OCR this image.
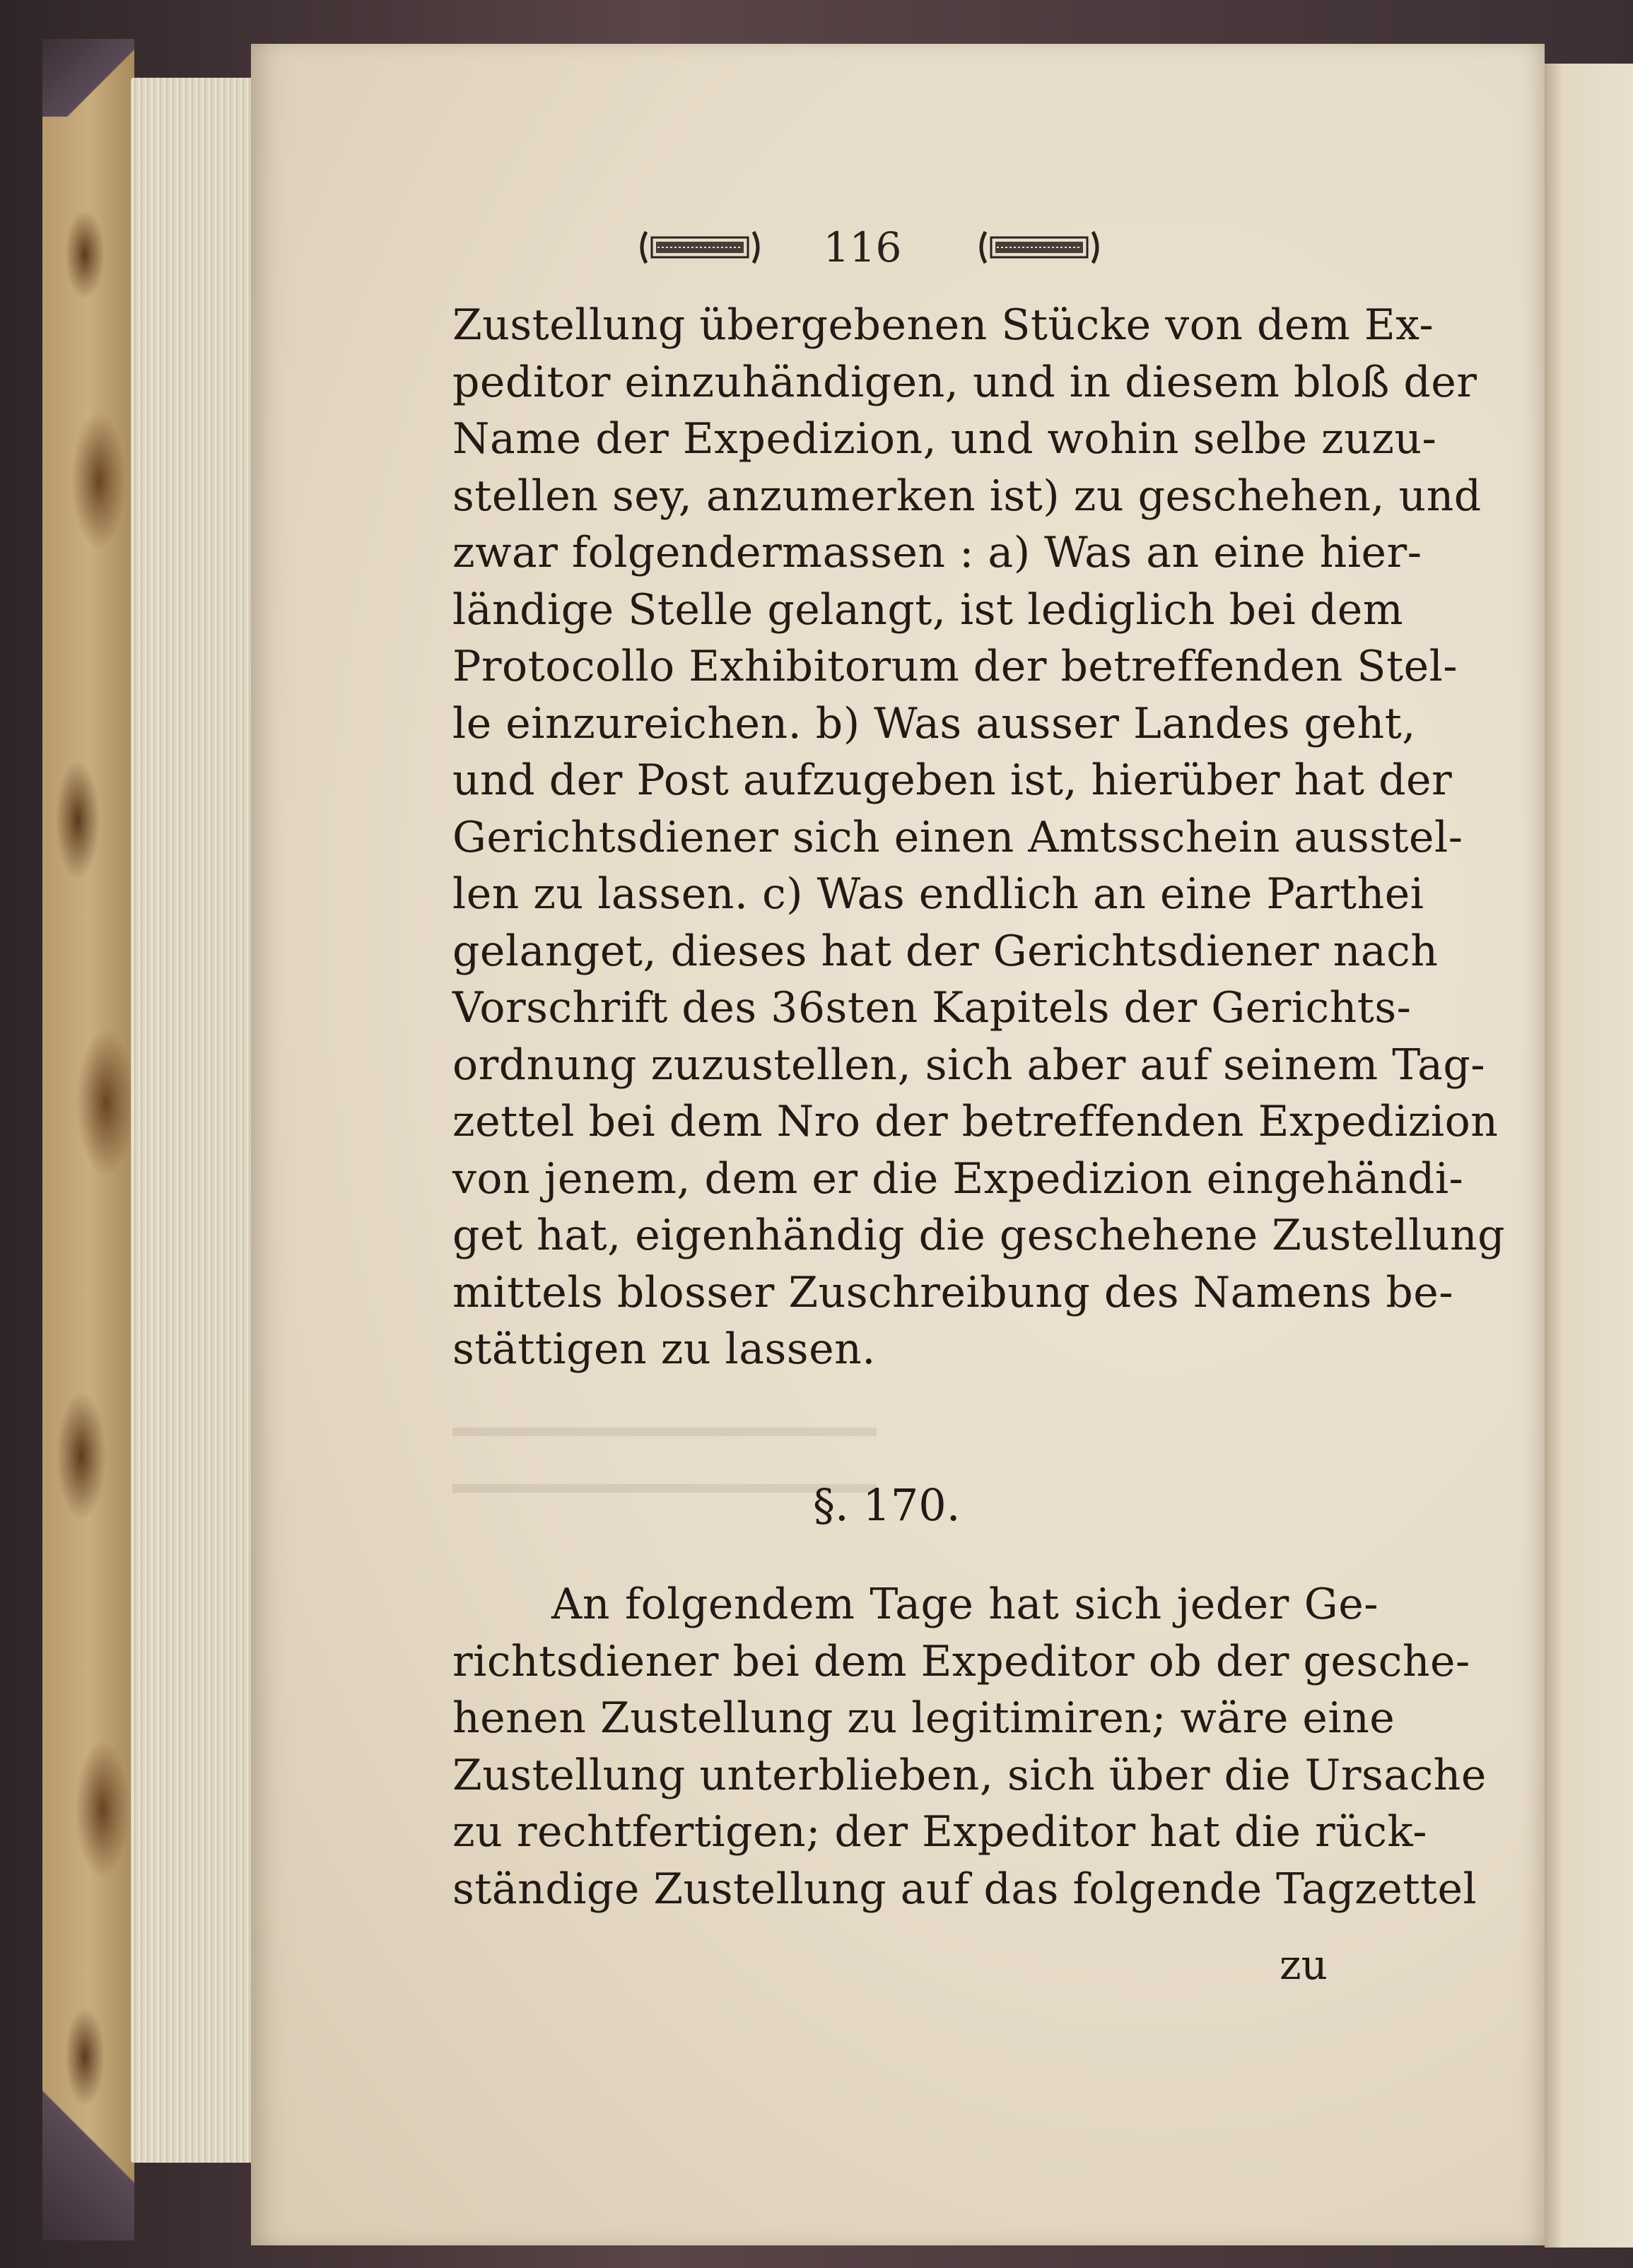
116
Zustellung übergebenen Stücke von dem Ex-
peditor einzuhändigen, und in diesem bloß der
Name der Expedizion, und wohin selbe zuzu-
stellen sey, anzumerken ist) zu geschehen, und
zwar folgendermassen : a) Was an eine hier-
ländige Stelle gelangt, ist lediglich bei dem
Protocollo Exhibitorum der betreffenden Stel-
le einzureichen. b) Was ausser Landes geht,
und der Post aufzugeben ist, hierüber hat der
Gerichtsdiener sich einen Amtsschein ausstel-
len zu lassen. c) Was endlich an eine Parthei
gelanget, dieses hat der Gerichtsdiener nach
Vorschrift des 36sten Kapitels der Gerichts-
ordnung zuzustellen, sich aber auf seinem Tag-
zettel bei dem Nro der betreffenden Expedizion
von jenem, dem er die Expedizion eingehändi-
get hat, eigenhändig die geschehene Zustellung
mittels blosser Zuschreibung des Namens be-
stättigen zu lassen.
§. 170.
An folgendem Tage hat sich jeder Ge-
richtsdiener bei dem Expeditor ob der gesche-
henen Zustellung zu legitimiren; wäre eine
Zustellung unterblieben, sich über die Ursache
zu rechtfertigen; der Expeditor hat die rück-
ständige Zustellung auf das folgende Tagzettel
zu
